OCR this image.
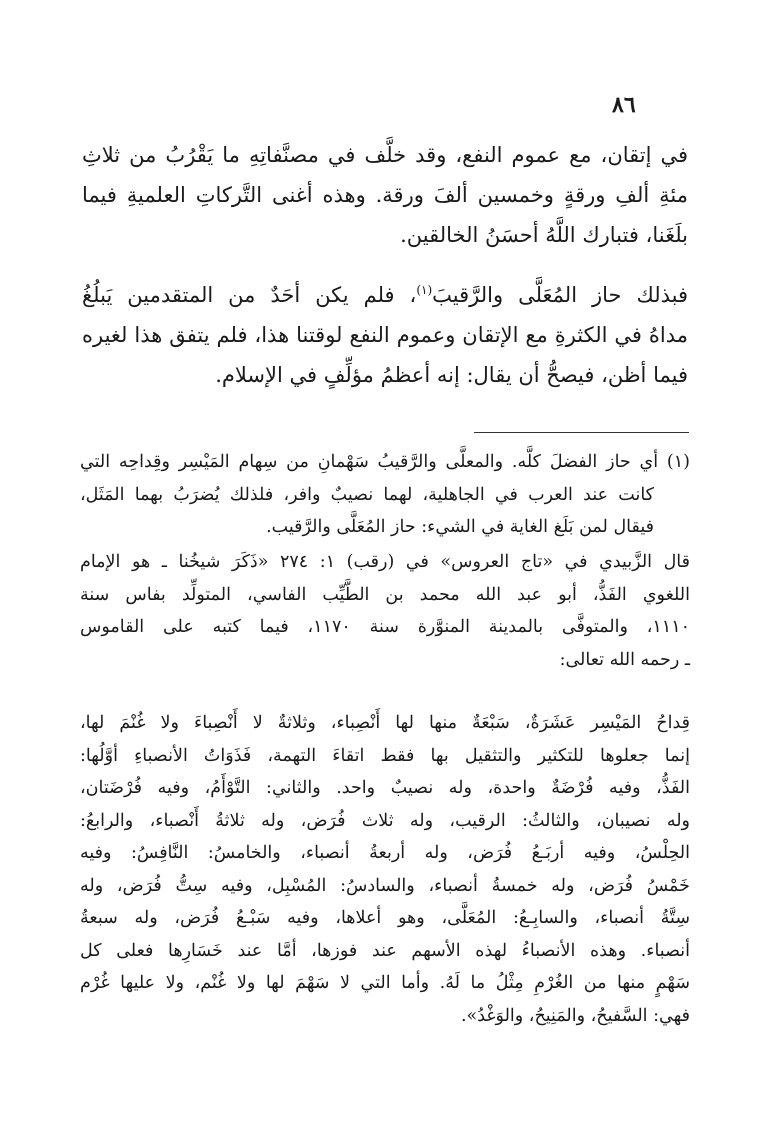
٨٦
في إتقان، مع عموم النفع، وقد خلَّف في مصنَّفاتِهِ ما يَقْرُبُ من ثلاثِ
مئةِ ألفِ ورقةٍ وخمسين ألفَ ورقة. وهذه أغنى التَّركاتِ العلميةِ فيما
بلَغَنا، فتبارك اللَّهُ أحسَنُ الخالقين.
فبذلك حاز المُعَلَّى والرَّقيبَ$^{(١)}$، فلم يكن أحَدٌ من المتقدمين يَبلُغُ
مداهُ في الكثرةِ مع الإتقان وعموم النفع لوقتنا هذا، فلم يتفق هذا لغيره
فيما أظن، فيصحُّ أن يقال: إنه أعظمُ مؤلِّفٍ في الإسلام.
(١) أي حاز الفضلَ كلَّه. والمعلَّى والرَّقيبُ سَهْمانِ من سِهام المَيْسِر وقِداحِه التي
كانت عند العرب في الجاهلية، لهما نصيبٌ وافر، فلذلك يُضرَبُ بهما المَثَل،
فيقال لمن بَلَغ الغاية في الشيء: حاز المُعَلَّى والرَّقيب.
قال الزَّبيدي في «تاج العروس» في (رقب) ١: ٢٧٤ «ذَكَرَ شيخُنا ـ هو الإمام
اللغوي الفَذُّ، أبو عبد الله محمد بن الطَّيِّب الفاسي، المتولِّد بفاس سنة
١١١٠، والمتوفَّى بالمدينة المنوَّرة سنة ١١٧٠، فيما كتبه على القاموس
ـ رحمه الله تعالى:
قِداحُ المَيْسِر عَشَرَةٌ، سَبْعَةٌ منها لها أَنْصِباء، وثلاثةٌ لا أَنْصِباءَ ولا غُنْمَ لها،
إنما جعلوها للتكثير والتثقيل بها فقط اتقاءَ التهمة، فَذَوَاتُ الأنصباءِ أوَّلُها:
الفَذُّ، وفيه فُرْضَةٌ واحدة، وله نصيبٌ واحد. والثاني: التَّوْأَمُ، وفيه فُرْضَتان،
وله نصيبان، والثالثُ: الرقيب، وله ثلاث فُرَض، وله ثلاثةُ أَنْصباء، والرابعُ:
الحِلْسُ، وفيه أربَـعُ فُرَض، وله أربعةُ أنصباء، والخامسُ: النَّافِسُ: وفيه
خَمْسُ فُرَض، وله خمسةُ أنصباء، والسادسُ: المُسْبِل، وفيه سِتُّ فُرَض، وله
سِتَّةُ أنصباء، والسابِـعُ: المُعَلَّى، وهو أعلاها، وفيه سَبْـعُ فُرَض، وله سبعةُ
أنصباء. وهذه الأنصباءُ لهذه الأسهم عند فوزها، أمَّا عند خَسَارِها فعلى كل
سَهْمٍ منها من الغُرْمِ مِثْلُ ما لَهُ. وأما التي لا سَهْمَ لها ولا غُنْم، ولا عليها غُرْم
فهي: السَّفيحُ، والمَنِيحُ، والوَغْدُ».
